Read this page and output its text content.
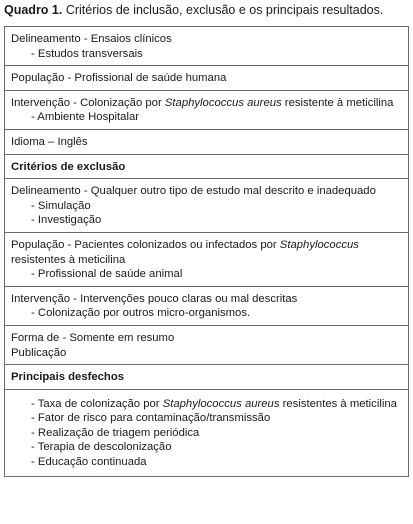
Quadro 1. Critérios de inclusão, exclusão e os principais resultados.
Delineamento - Ensaios clínicos
- Estudos transversais
População - Profissional de saúde humana
Intervenção - Colonização por Staphylococcus aureus resistente à meticilina
- Ambiente Hospitalar
Idioma – Inglês
Critérios de exclusão
Delineamento - Qualquer outro tipo de estudo mal descrito e inadequado
- Simulação
- Investigação
População - Pacientes colonizados ou infectados por Staphylococcus
resistentes à meticilina
- Profissional de saúde animal
Intervenção - Intervenções pouco claras ou mal descritas
- Colonização por outros micro-organismos.
Forma de - Somente em resumo
Publicação
Principais desfechos
- Taxa de colonização por Staphylococcus aureus resistentes à meticilina
- Fator de risco para contaminação/transmissão
- Realização de triagem periódica
- Terapia de descolonização
- Educação continuada
